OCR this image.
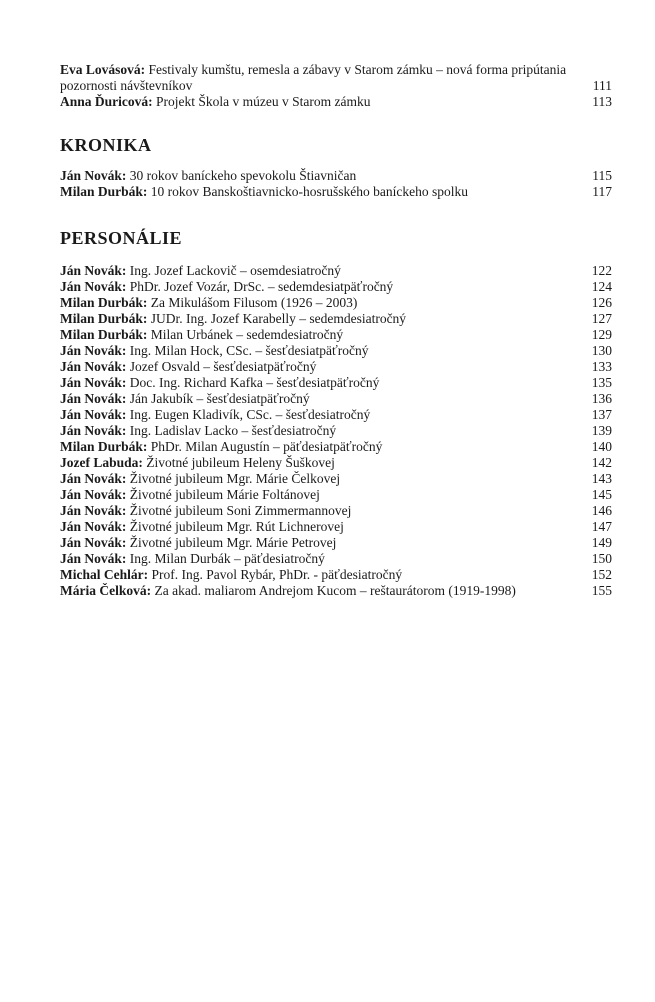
Eva Lovásová: Festivaly kumštu, remesla a zábavy v Starom zámku – nová forma pripútania pozornosti návštevníkov	111
Anna Ďuricová: Projekt Škola v múzeu v Starom zámku	113
KRONIKA
Ján Novák: 30 rokov baníckeho spevokolu Štiavničan	115
Milan Durbák: 10 rokov Banskoštiavnicko-hosrušského baníckeho spolku	117
PERSONÁLIE
Ján Novák: Ing. Jozef Lackovič – osemdesiatročný	122
Ján Novák: PhDr. Jozef Vozár, DrSc. – sedemdesiatpäťročný	124
Milan Durbák: Za Mikulášom Filusom (1926 – 2003)	126
Milan Durbák: JUDr. Ing. Jozef Karabelly – sedemdesiatročný	127
Milan Durbák: Milan Urbánek – sedemdesiatročný	129
Ján Novák: Ing. Milan Hock, CSc. – šesťdesiatpäťročný	130
Ján Novák: Jozef Osvald – šesťdesiatpäťročný	133
Ján Novák: Doc. Ing. Richard Kafka – šesťdesiatpäťročný	135
Ján Novák: Ján Jakubík – šesťdesiatpäťročný	136
Ján Novák: Ing. Eugen Kladivík, CSc. – šesťdesiatročný	137
Ján Novák: Ing. Ladislav Lacko – šesťdesiatročný	139
Milan Durbák: PhDr. Milan Augustín – päťdesiatpäťročný	140
Jozef Labuda: Životné jubileum Heleny Šuškovej	142
Ján Novák: Životné jubileum Mgr. Márie Čelkovej	143
Ján Novák: Životné jubileum Márie Foltánovej	145
Ján Novák: Životné jubileum Soni Zimmermannovej	146
Ján Novák: Životné jubileum Mgr. Rút Lichnerovej	147
Ján Novák: Životné jubileum Mgr. Márie Petrovej	149
Ján Novák: Ing. Milan Durbák – päťdesiatročný	150
Michal Cehlár: Prof. Ing. Pavol Rybár, PhDr. - päťdesiatročný	152
Mária Čelková: Za akad. maliarom Andrejom Kucom – reštaurátorom (1919-1998)	155
